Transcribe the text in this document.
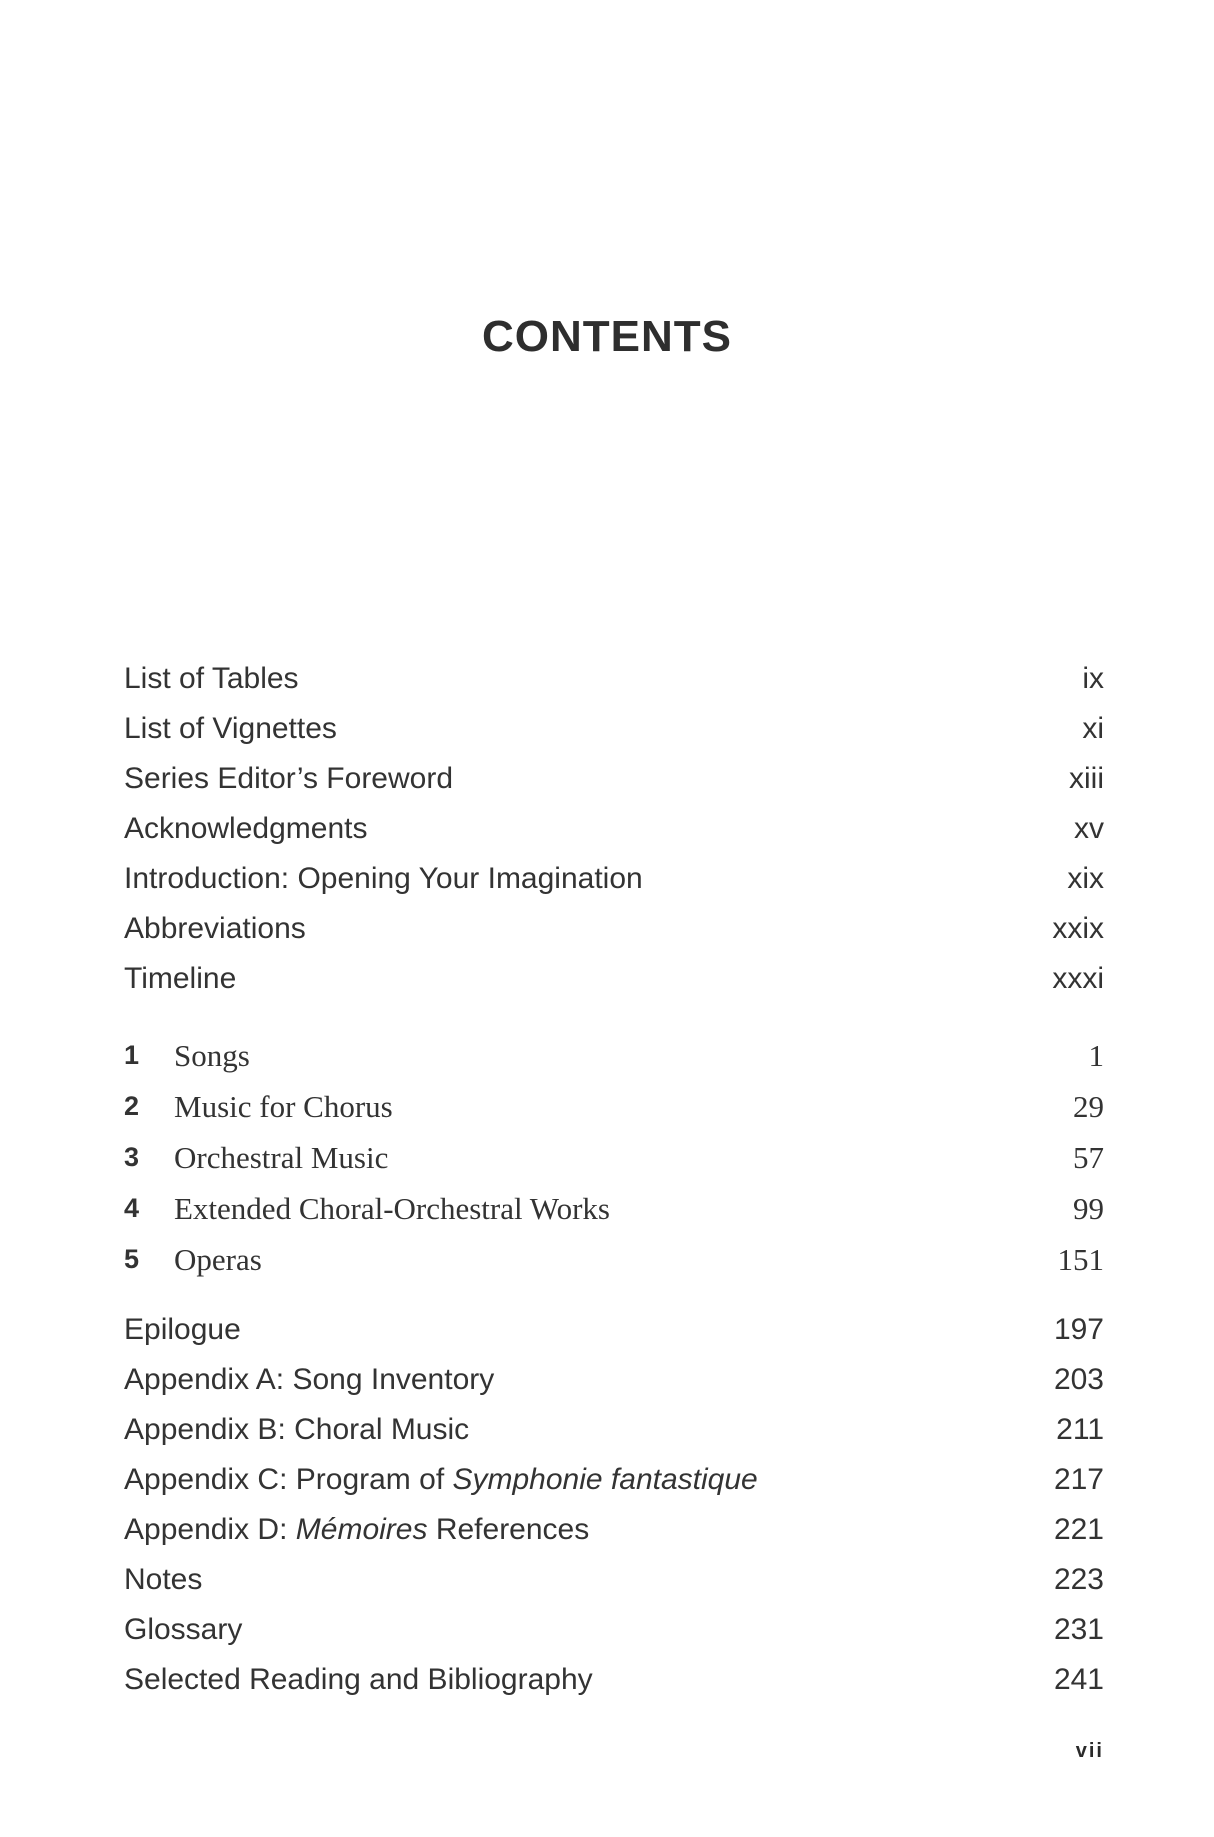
CONTENTS
List of Tables	ix
List of Vignettes	xi
Series Editor’s Foreword	xiii
Acknowledgments	xv
Introduction: Opening Your Imagination	xix
Abbreviations	xxix
Timeline	xxxi
1 Songs	1
2 Music for Chorus	29
3 Orchestral Music	57
4 Extended Choral-Orchestral Works	99
5 Operas	151
Epilogue	197
Appendix A: Song Inventory	203
Appendix B: Choral Music	211
Appendix C: Program of Symphonie fantastique	217
Appendix D: Mémoires References	221
Notes	223
Glossary	231
Selected Reading and Bibliography	241
vii
